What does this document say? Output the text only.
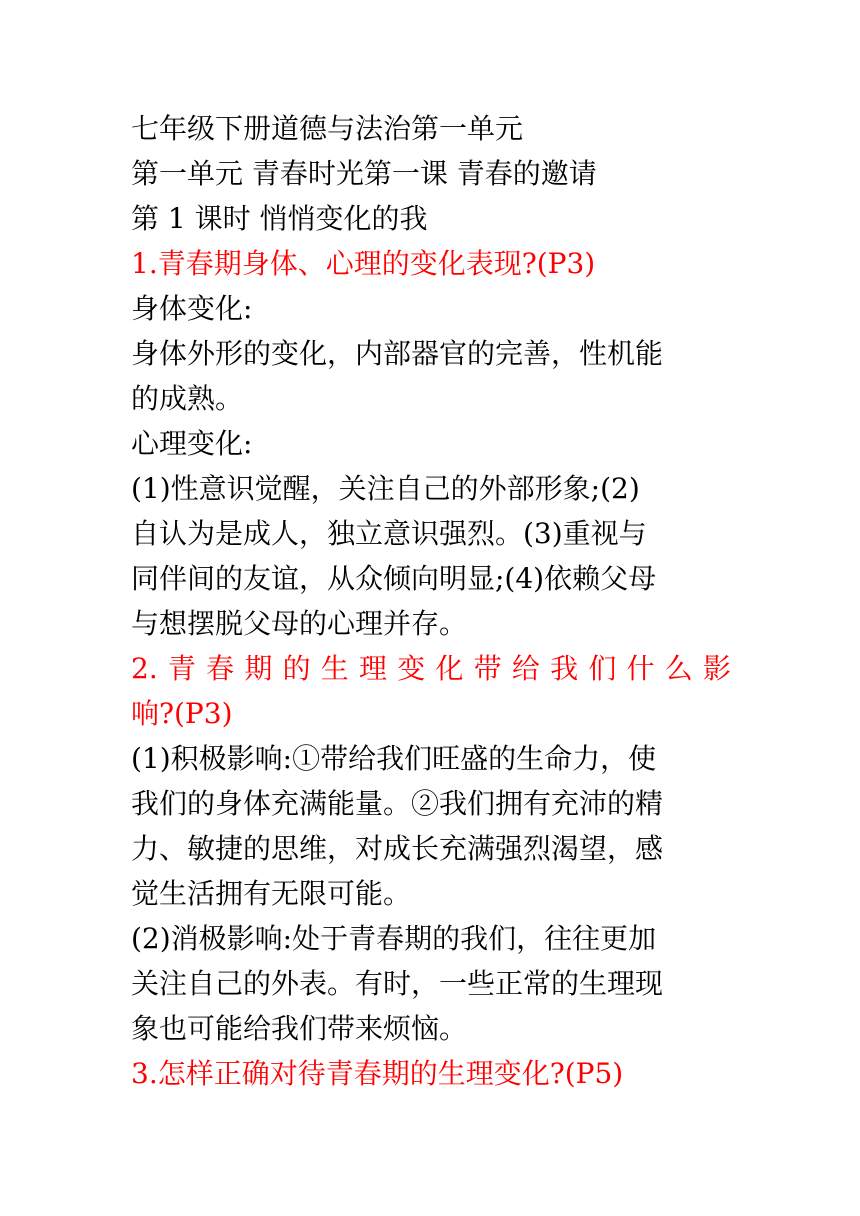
七年级下册道德与法治第一单元
第一单元 青春时光第一课 青春的邀请
第 1 课时 悄悄变化的我
1.青春期身体、心理的变化表现?(P3)
身体变化:
身体外形的变化，内部器官的完善，性机能
的成熟。
心理变化:
(1)性意识觉醒，关注自己的外部形象;(2)
自认为是成人，独立意识强烈。(3)重视与
同伴间的友谊，从众倾向明显;(4)依赖父母
与想摆脱父母的心理并存。
2.青春期的生理变化带给我们什么影
响?(P3)
(1)积极影响:①带给我们旺盛的生命力，使
我们的身体充满能量。②我们拥有充沛的精
力、敏捷的思维，对成长充满强烈渴望，感
觉生活拥有无限可能。
(2)消极影响:处于青春期的我们，往往更加
关注自己的外表。有时，一些正常的生理现
象也可能给我们带来烦恼。
3.怎样正确对待青春期的生理变化?(P5)
